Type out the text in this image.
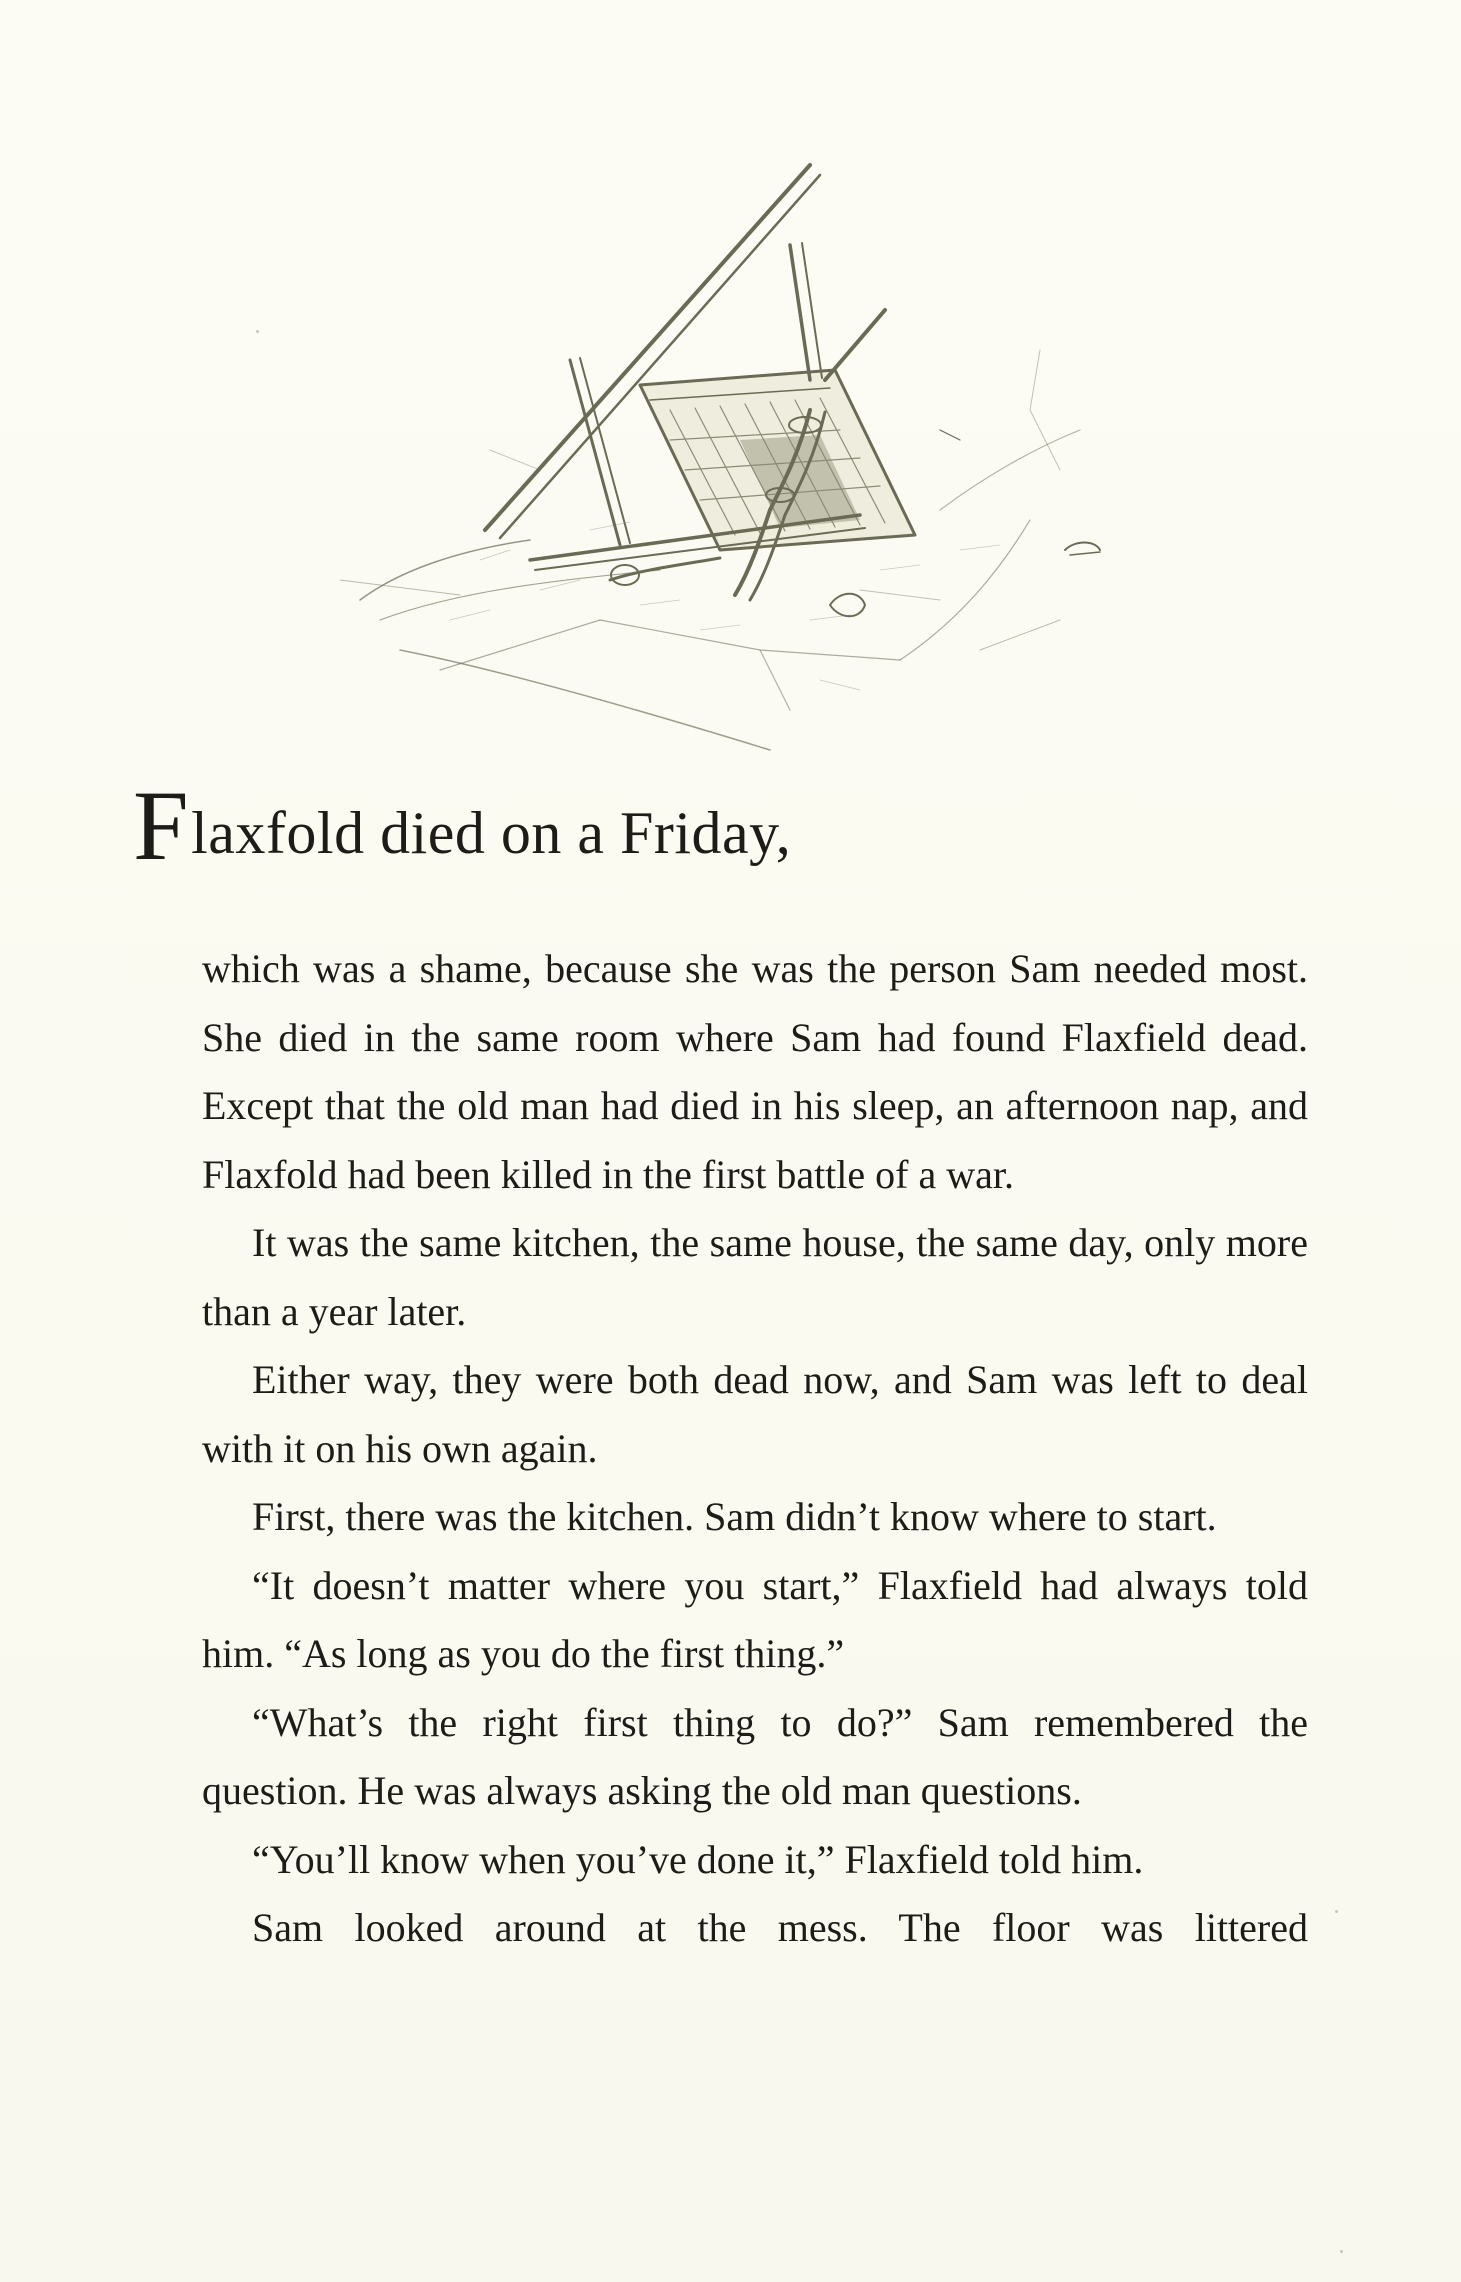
Flaxfold died on a Friday,

which was a shame, because she was the person Sam needed most. She died in the same room where Sam had found Flaxfield dead. Except that the old man had died in his sleep, an afternoon nap, and Flaxfold had been killed in the first battle of a war.

It was the same kitchen, the same house, the same day, only more than a year later.

Either way, they were both dead now, and Sam was left to deal with it on his own again.

First, there was the kitchen. Sam didn’t know where to start.

“It doesn’t matter where you start,” Flaxfield had always told him. “As long as you do the first thing.”

“What’s the right first thing to do?” Sam remembered the question. He was always asking the old man questions.

“You’ll know when you’ve done it,” Flaxfield told him.

Sam looked around at the mess. The floor was littered
